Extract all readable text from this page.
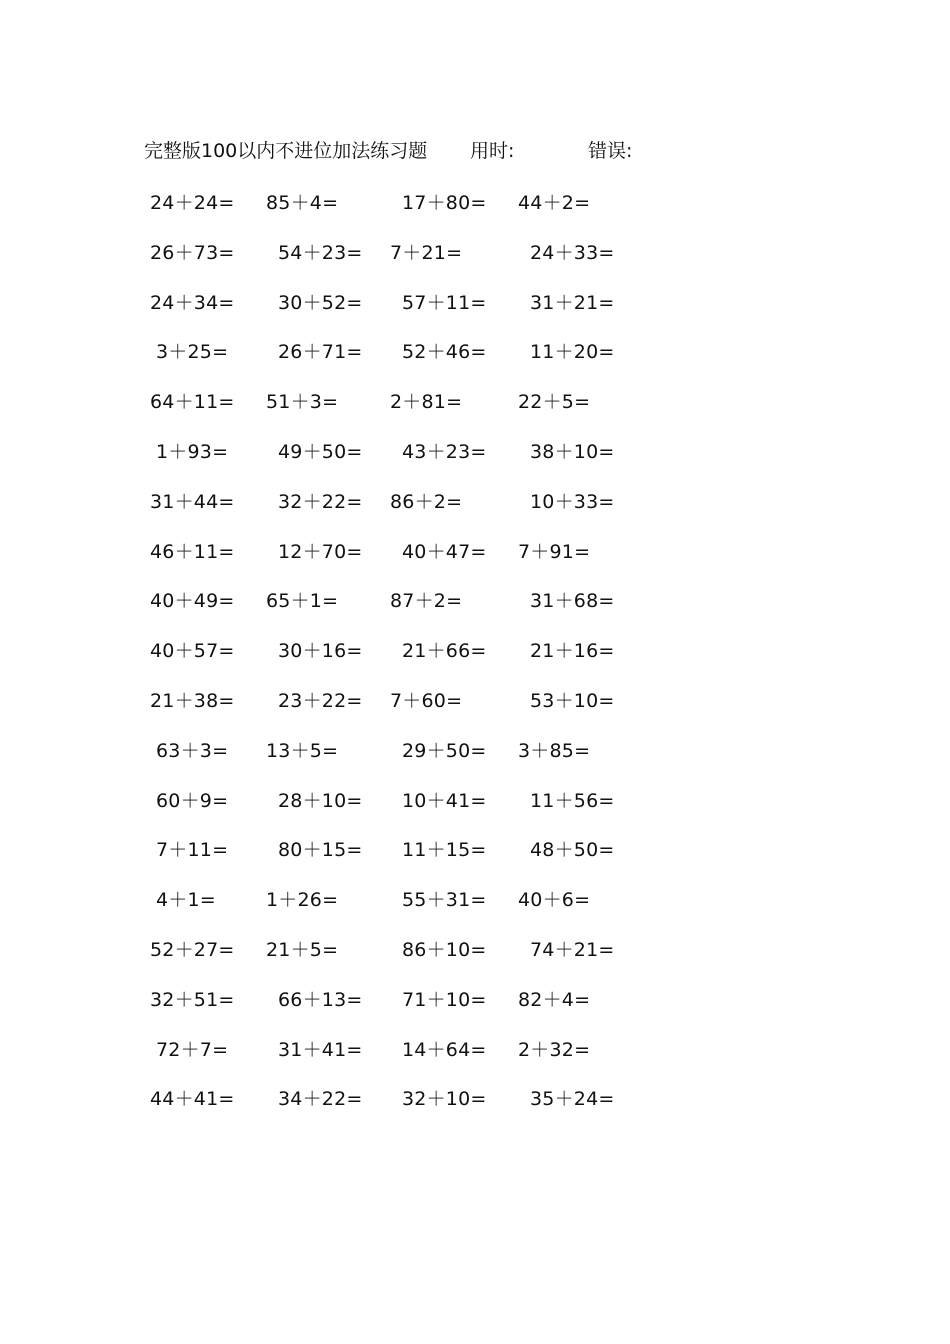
完整版100以内不进位加法练习题 用时:	错误:
24＋24= 85＋4=	17＋80= 44＋2=
26＋73= 54＋23= 7＋21=	24＋33=
24＋34= 30＋52= 57＋11= 31＋21=
3＋25=	26＋71= 52＋46= 11＋20=
64＋11= 51＋3=	2＋81=	22＋5=
1＋93=	49＋50= 43＋23= 38＋10=
31＋44= 32＋22= 86＋2=	10＋33=
46＋11= 12＋70= 40＋47= 7＋91=
40＋49= 65＋1=	87＋2=	31＋68=
40＋57= 30＋16= 21＋66= 21＋16=
21＋38= 23＋22= 7＋60=	53＋10=
63＋3= 13＋5=	29＋50= 3＋85=
60＋9=	28＋10= 10＋41= 11＋56=
7＋11=	80＋15= 11＋15= 48＋50=
4＋1=	1＋26=	55＋31= 40＋6=
52＋27= 21＋5=	86＋10= 74＋21=
32＋51= 66＋13= 71＋10= 82＋4=
72＋7=	31＋41= 14＋64= 2＋32=
44＋41= 34＋22= 32＋10= 35＋24=
